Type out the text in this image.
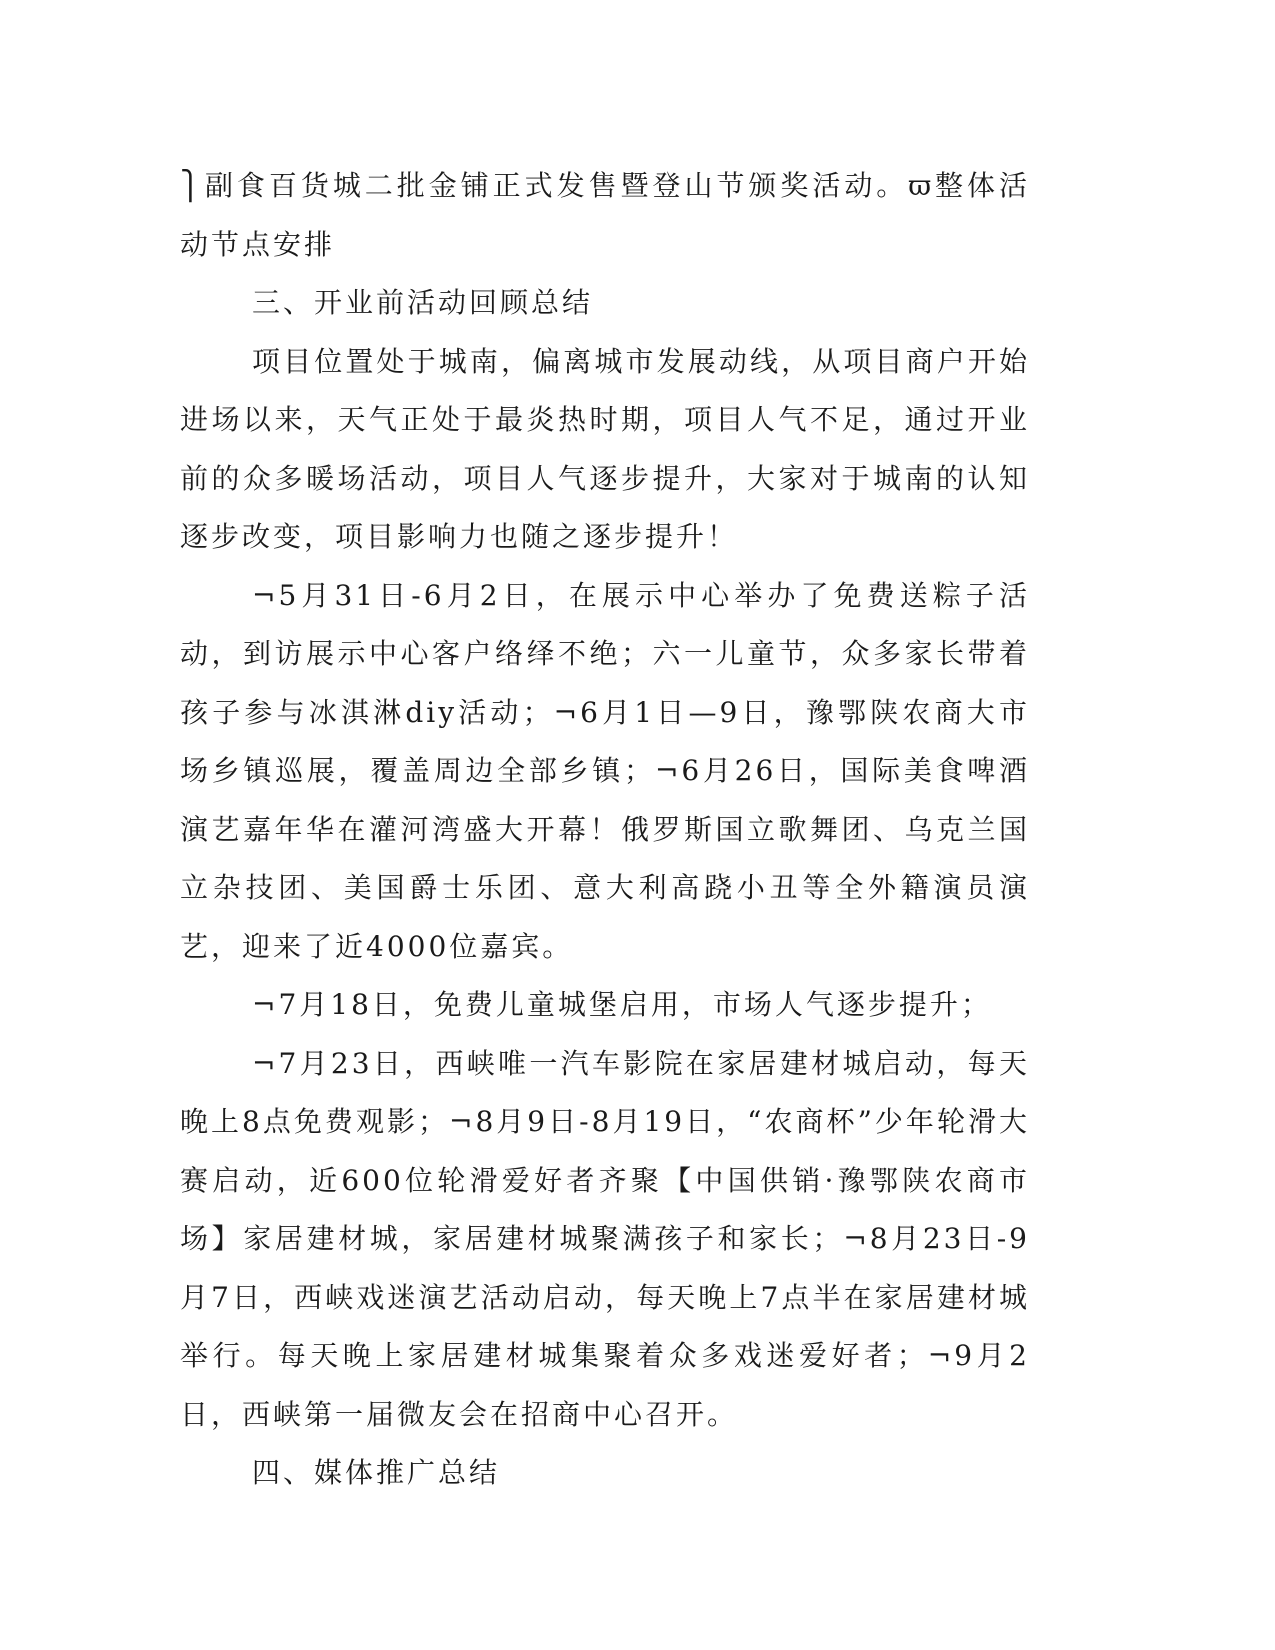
⎫副食百货城二批金铺正式发售暨登山节颁奖活动。ϖ整体活动节点安排

三、开业前活动回顾总结

项目位置处于城南，偏离城市发展动线，从项目商户开始进场以来，天气正处于最炎热时期，项目人气不足，通过开业前的众多暖场活动，项目人气逐步提升，大家对于城南的认知逐步改变，项目影响力也随之逐步提升！

¬5月31日-6月2日，在展示中心举办了免费送粽子活动，到访展示中心客户络绎不绝；六一儿童节，众多家长带着孩子参与冰淇淋diy活动；¬6月1日—9日，豫鄂陕农商大市场乡镇巡展，覆盖周边全部乡镇；¬6月26日，国际美食啤酒演艺嘉年华在灌河湾盛大开幕！俄罗斯国立歌舞团、乌克兰国立杂技团、美国爵士乐团、意大利高跷小丑等全外籍演员演艺，迎来了近4000位嘉宾。

¬7月18日，免费儿童城堡启用，市场人气逐步提升；

¬7月23日，西峡唯一汽车影院在家居建材城启动，每天晚上8点免费观影；¬8月9日-8月19日，“农商杯”少年轮滑大赛启动，近600位轮滑爱好者齐聚【中国供销·豫鄂陕农商市场】家居建材城，家居建材城聚满孩子和家长；¬8月23日-9月7日，西峡戏迷演艺活动启动，每天晚上7点半在家居建材城举行。每天晚上家居建材城集聚着众多戏迷爱好者；¬9月2日，西峡第一届微友会在招商中心召开。

四、媒体推广总结
